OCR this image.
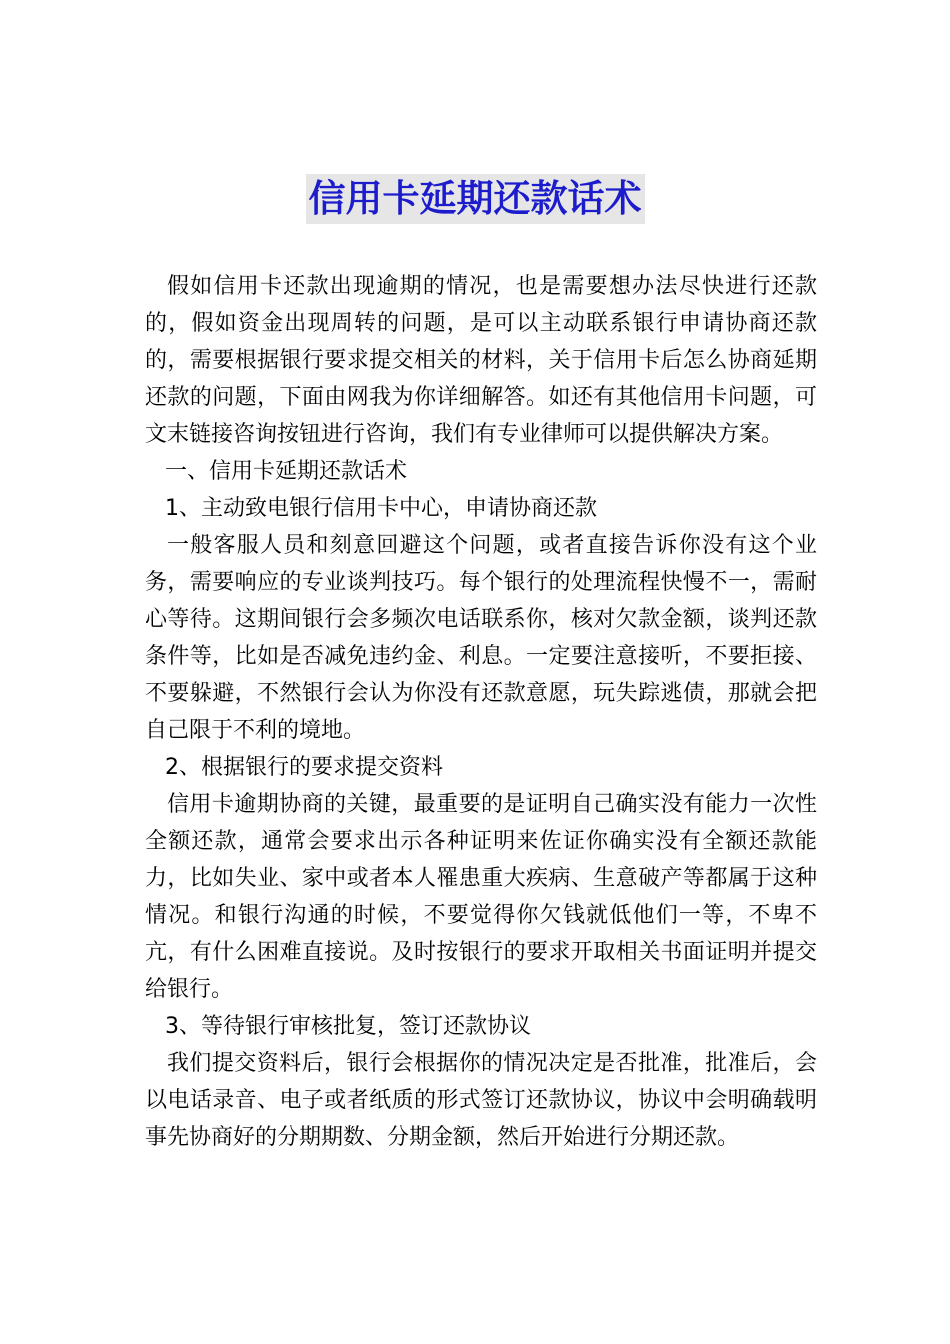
信用卡延期还款话术

假如信用卡还款出现逾期的情况，也是需要想办法尽快进行还款的，假如资金出现周转的问题，是可以主动联系银行申请协商还款的，需要根据银行要求提交相关的材料，关于信用卡后怎么协商延期还款的问题，下面由网我为你详细解答。如还有其他信用卡问题，可文末链接咨询按钮进行咨询，我们有专业律师可以提供解决方案。

一、信用卡延期还款话术

1、主动致电银行信用卡中心，申请协商还款

一般客服人员和刻意回避这个问题，或者直接告诉你没有这个业务，需要响应的专业谈判技巧。每个银行的处理流程快慢不一，需耐心等待。这期间银行会多频次电话联系你，核对欠款金额，谈判还款条件等，比如是否减免违约金、利息。一定要注意接听，不要拒接、不要躲避，不然银行会认为你没有还款意愿，玩失踪逃债，那就会把自己限于不利的境地。

2、根据银行的要求提交资料

信用卡逾期协商的关键，最重要的是证明自己确实没有能力一次性全额还款，通常会要求出示各种证明来佐证你确实没有全额还款能力，比如失业、家中或者本人罹患重大疾病、生意破产等都属于这种情况。和银行沟通的时候，不要觉得你欠钱就低他们一等，不卑不亢，有什么困难直接说。及时按银行的要求开取相关书面证明并提交给银行。

3、等待银行审核批复，签订还款协议

我们提交资料后，银行会根据你的情况决定是否批准，批准后，会以电话录音、电子或者纸质的形式签订还款协议，协议中会明确载明事先协商好的分期期数、分期金额，然后开始进行分期还款。
